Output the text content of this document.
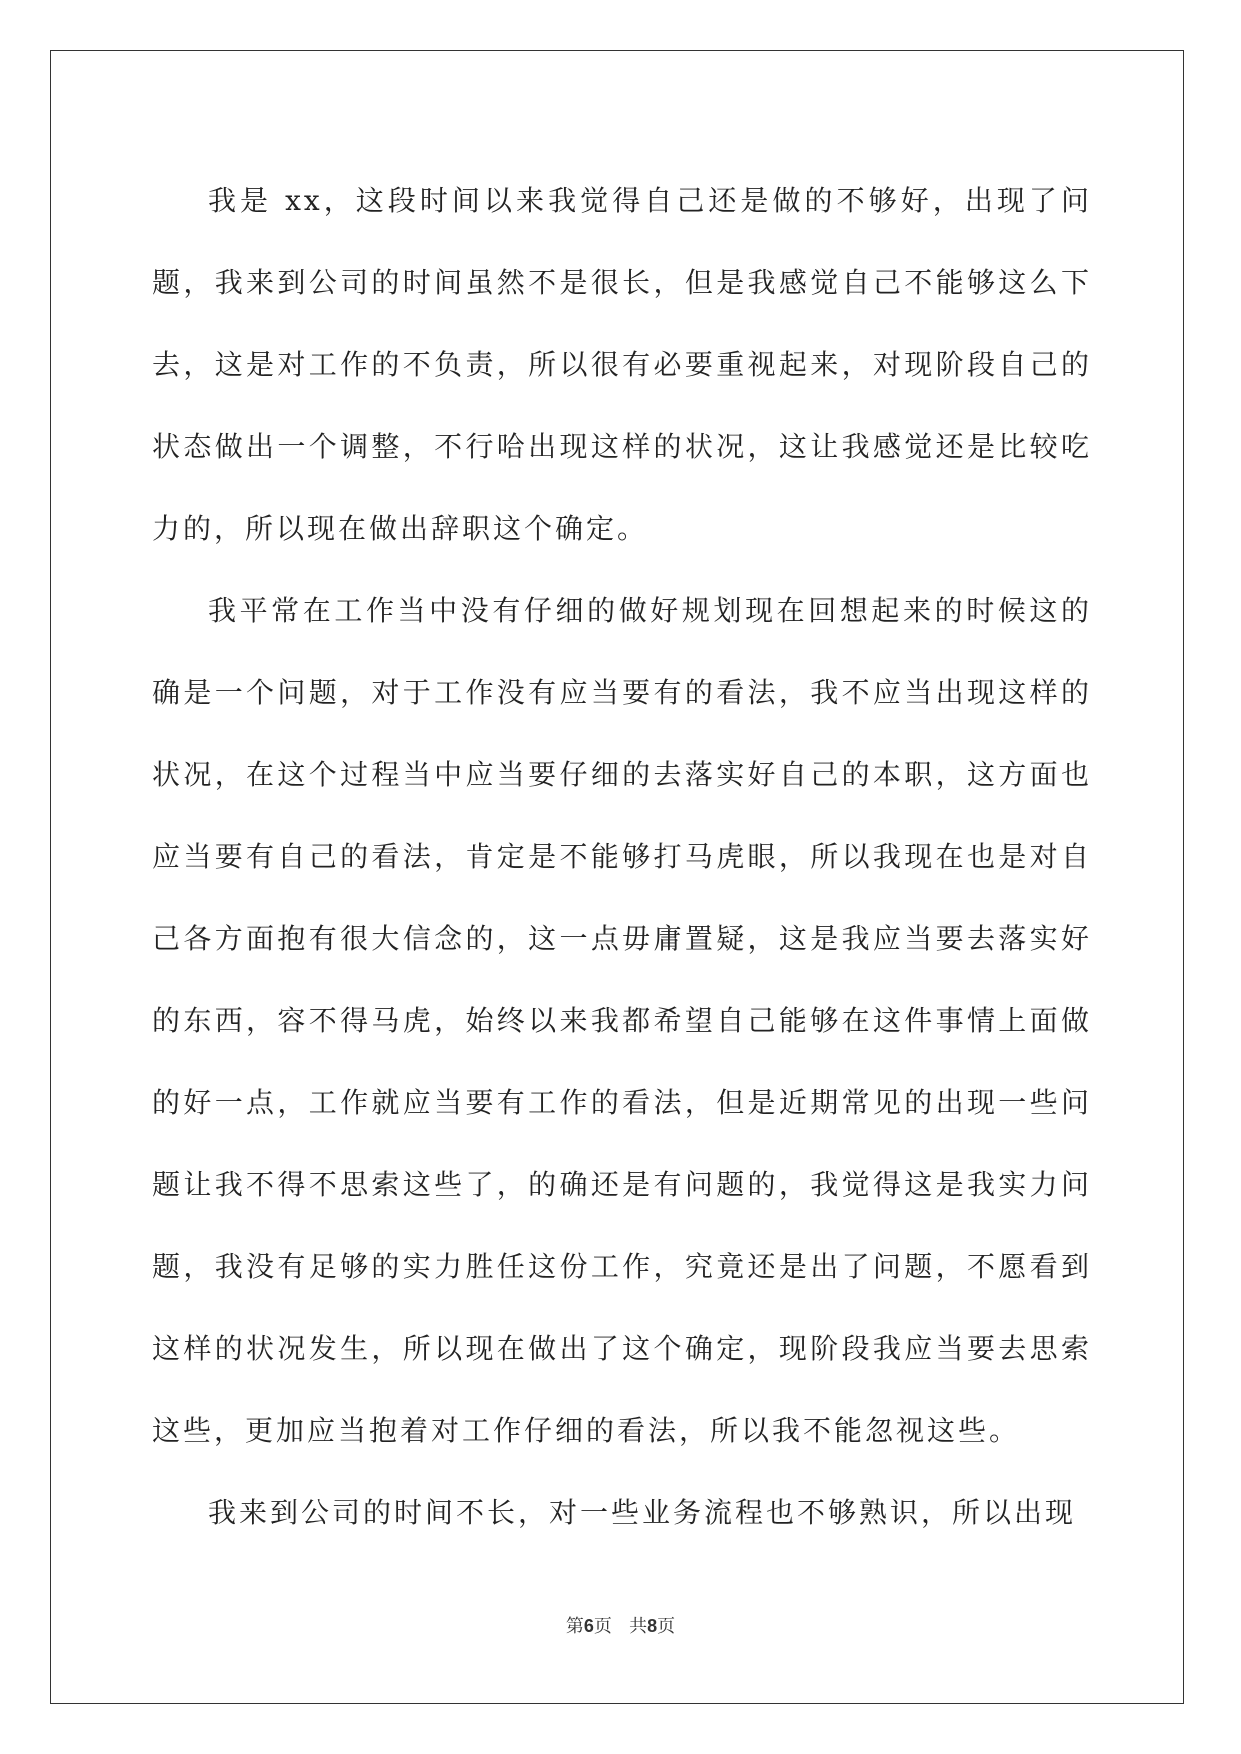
我是 xx，这段时间以来我觉得自己还是做的不够好，出现了问题，我来到公司的时间虽然不是很长，但是我感觉自己不能够这么下去，这是对工作的不负责，所以很有必要重视起来，对现阶段自己的状态做出一个调整，不行哈出现这样的状况，这让我感觉还是比较吃力的，所以现在做出辞职这个确定。

我平常在工作当中没有仔细的做好规划现在回想起来的时候这的确是一个问题，对于工作没有应当要有的看法，我不应当出现这样的状况，在这个过程当中应当要仔细的去落实好自己的本职，这方面也应当要有自己的看法，肯定是不能够打马虎眼，所以我现在也是对自己各方面抱有很大信念的，这一点毋庸置疑，这是我应当要去落实好的东西，容不得马虎，始终以来我都希望自己能够在这件事情上面做的好一点，工作就应当要有工作的看法，但是近期常见的出现一些问题让我不得不思索这些了，的确还是有问题的，我觉得这是我实力问题，我没有足够的实力胜任这份工作，究竟还是出了问题，不愿看到这样的状况发生，所以现在做出了这个确定，现阶段我应当要去思索这些，更加应当抱着对工作仔细的看法，所以我不能忽视这些。

我来到公司的时间不长，对一些业务流程也不够熟识，所以出现

第6页 共8页
